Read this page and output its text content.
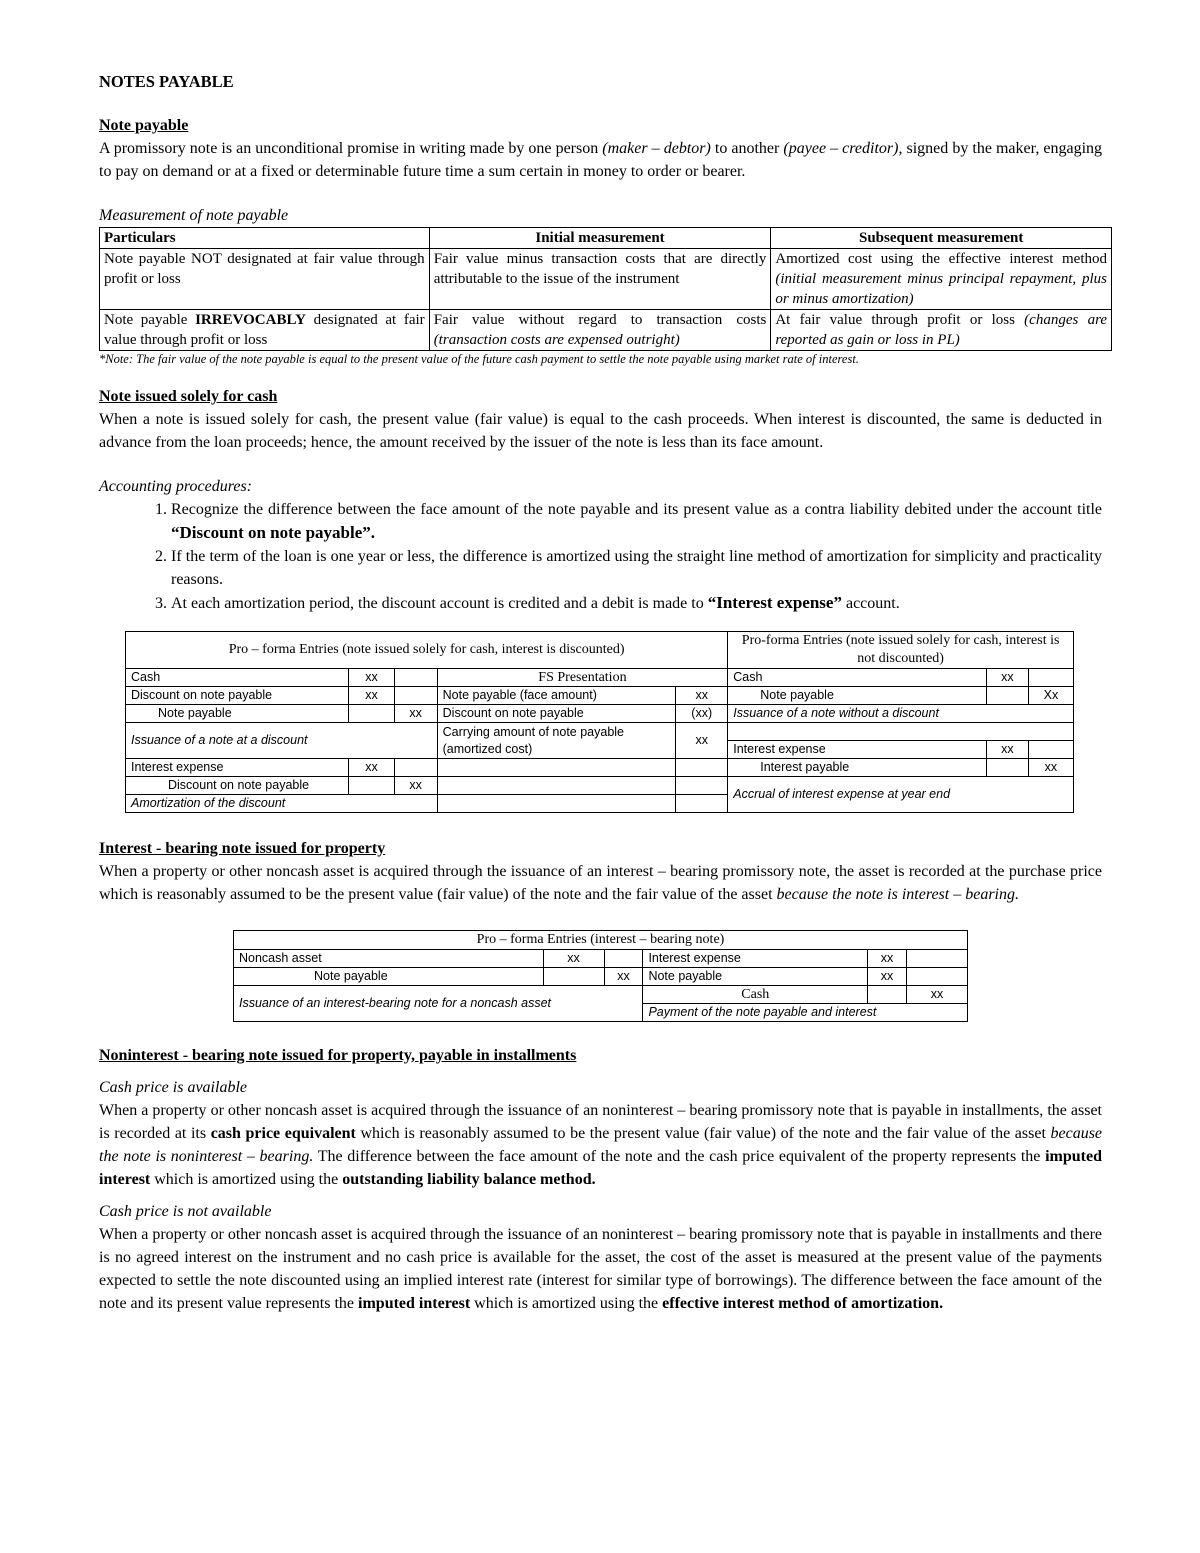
NOTES PAYABLE
Note payable

A promissory note is an unconditional promise in writing made by one person (maker – debtor) to another (payee – creditor), signed by the maker, engaging to pay on demand or at a fixed or determinable future time a sum certain in money to order or bearer.

Measurement of note payable
Particulars	Initial measurement	Subsequent measurement
Note payable NOT designated at fair value through profit or loss	Fair value minus transaction costs that are directly attributable to the issue of the instrument	Amortized cost using the effective interest method (initial measurement minus principal repayment, plus or minus amortization)
Note payable IRREVOCABLY designated at fair value through profit or loss	Fair value without regard to transaction costs (transaction costs are expensed outright)	At fair value through profit or loss (changes are reported as gain or loss in PL)
*Note: The fair value of the note payable is equal to the present value of the future cash payment to settle the note payable using market rate of interest.
Note issued solely for cash

When a note is issued solely for cash, the present value (fair value) is equal to the cash proceeds. When interest is discounted, the same is deducted in advance from the loan proceeds; hence, the amount received by the issuer of the note is less than its face amount.

Accounting procedures:
1. Recognize the difference between the face amount of the note payable and its present value as a contra liability debited under the account title “Discount on note payable”.
2. If the term of the loan is one year or less, the difference is amortized using the straight line method of amortization for simplicity and practicality reasons.
3. At each amortization period, the discount account is credited and a debit is made to “Interest expense” account.
Pro – forma Entries (note issued solely for cash, interest is discounted)					Pro-forma Entries (note issued solely for cash, interest is not discounted)		
Cash	xx		FS Presentation		Cash	xx	
Discount on note payable	xx		Note payable (face amount)	xx	Note payable		Xx
Note payable		xx	Discount on note payable	(xx)	Issuance of a note without a discount		
Issuance of a note at a discount			Carrying amount of note payable (amortized cost)	xx			
					Interest expense	xx	
Interest expense	xx				Interest payable		xx
Discount on note payable		xx			Accrual of interest expense at year end		
Amortization of the discount							
Interest - bearing note issued for property

When a property or other noncash asset is acquired through the issuance of an interest – bearing promissory note, the asset is recorded at the purchase price which is reasonably assumed to be the present value (fair value) of the note and the fair value of the asset because the note is interest – bearing.

Pro – forma Entries (interest – bearing note)					
Noncash asset	xx		Interest expense	xx	
Note payable		xx	Note payable	xx	
Issuance of an interest-bearing note for a noncash asset			Cash		xx
			Payment of the note payable and interest		
Noninterest - bearing note issued for property, payable in installments
Cash price is available

When a property or other noncash asset is acquired through the issuance of an noninterest – bearing promissory note that is payable in installments, the asset is recorded at its cash price equivalent which is reasonably assumed to be the present value (fair value) of the note and the fair value of the asset because the note is noninterest – bearing. The difference between the face amount of the note and the cash price equivalent of the property represents the imputed interest which is amortized using the outstanding liability balance method.

Cash price is not available

When a property or other noncash asset is acquired through the issuance of an noninterest – bearing promissory note that is payable in installments and there is no agreed interest on the instrument and no cash price is available for the asset, the cost of the asset is measured at the present value of the payments expected to settle the note discounted using an implied interest rate (interest for similar type of borrowings). The difference between the face amount of the note and its present value represents the imputed interest which is amortized using the effective interest method of amortization.
